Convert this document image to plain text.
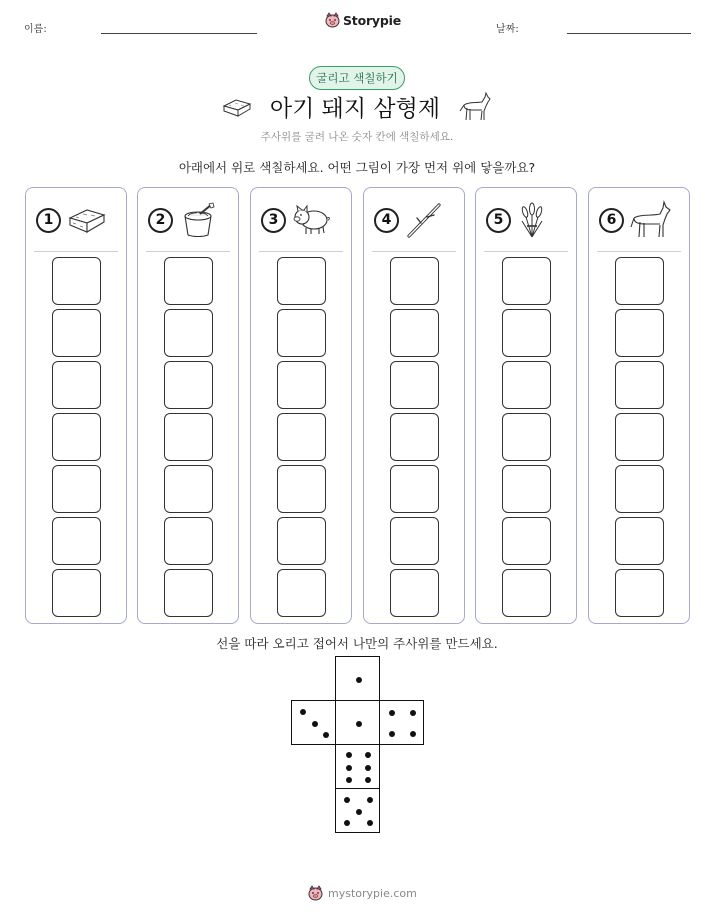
이름:
Storypie
날짜:
굴리고 색칠하기
아기 돼지 삼형제
주사위를 굴려 나온 숫자 칸에 색칠하세요.
아래에서 위로 색칠하세요. 어떤 그림이 가장 먼저 위에 닿을까요?
1	2	3	4	5	6
선을 따라 오리고 접어서 나만의 주사위를 만드세요.
mystorypie.com
